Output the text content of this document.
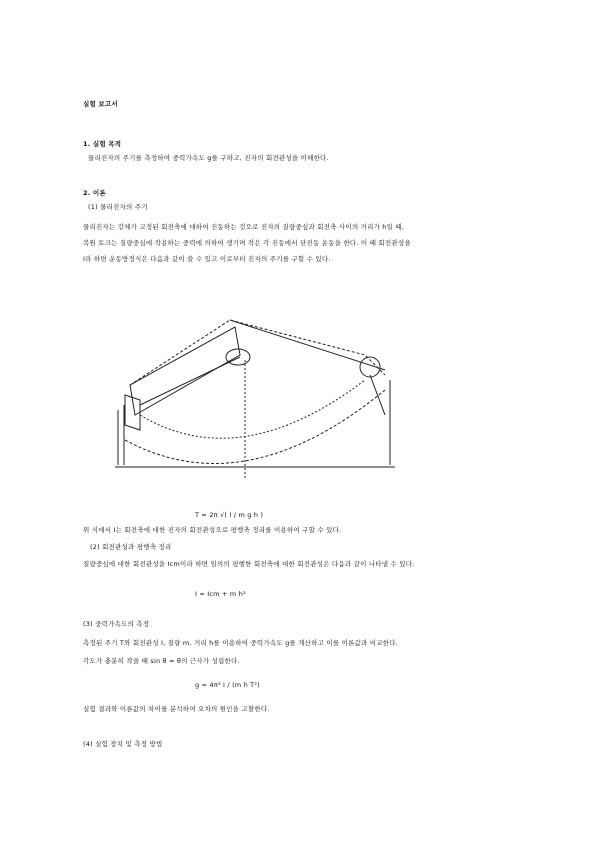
실험 보고서
1. 실험 목적
물리진자의 주기를 측정하여 중력가속도 g를 구하고, 진자의 회전관성을 이해한다.
2. 이론
(1) 물리진자의 주기
물리진자는 강체가 고정된 회전축에 대하여 진동하는 것으로 진자의 질량중심과 회전축 사이의 거리가 h일 때,
복원 토크는 질량중심에 작용하는 중력에 의하여 생기며 작은 각 진동에서 단진동 운동을 한다. 이 때 회전관성을
I라 하면 운동방정식은 다음과 같이 쓸 수 있고 이로부터 진자의 주기를 구할 수 있다.
T = 2π √( I / m g h )
위 식에서 I는 회전축에 대한 진자의 회전관성으로 평행축 정리를 이용하여 구할 수 있다.
(2) 회전관성과 평행축 정리
질량중심에 대한 회전관성을 Icm이라 하면 임의의 평행한 회전축에 대한 회전관성은 다음과 같이 나타낼 수 있다.
I = Icm + m h²
(3) 중력가속도의 측정
측정된 주기 T와 회전관성 I, 질량 m, 거리 h를 이용하여 중력가속도 g를 계산하고 이를 이론값과 비교한다.
각도가 충분히 작을 때 sin θ ≈ θ의 근사가 성립한다.
g = 4π² I / (m h T²)
실험 결과와 이론값의 차이를 분석하여 오차의 원인을 고찰한다.
(4) 실험 장치 및 측정 방법
